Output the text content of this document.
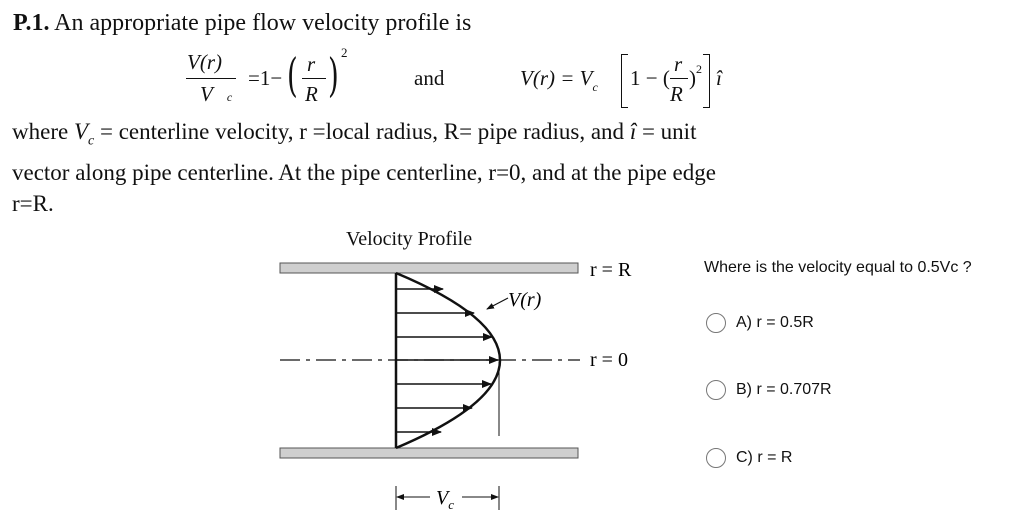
P.1. An appropriate pipe flow velocity profile is
V(r)
V c
=1− ( r
R ) 2
and	$V(r) = V_c$ 1 − (
r
R
) 2 î
where $V_c$ = centerline velocity, r =local radius, R= pipe radius, and î = unit
vector along pipe centerline. At the pipe centerline, r=0, and at the pipe edge
r=R.
Velocity Profile
r = R
r = 0
V(r)
$V_c$
Where is the velocity equal to 0.5Vc ?
A) r = 0.5R
B) r = 0.707R
C) r = R
